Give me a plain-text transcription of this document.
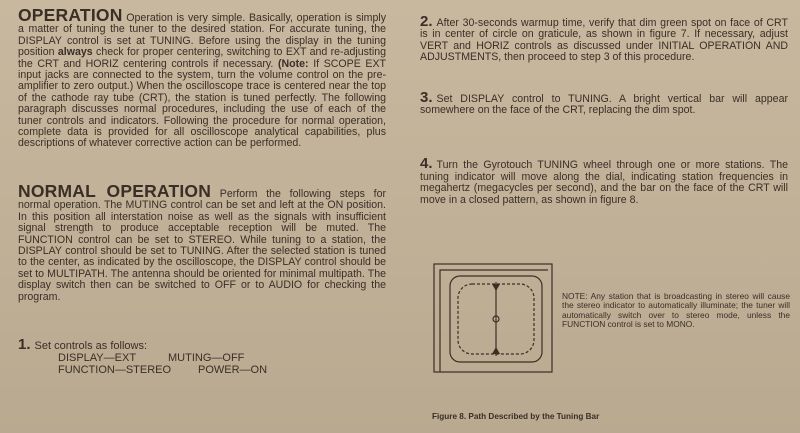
OPERATION Operation is very simple. Basically, operation is simply a matter of tuning the tuner to the desired station. For accurate tuning, the DISPLAY control is set at TUNING. Before using the display in the tuning position always check for proper centering, switching to EXT and re-adjusting the CRT and HORIZ centering controls if necessary. (Note: If SCOPE EXT input jacks are connected to the system, turn the volume control on the pre-amplifier to zero output.) When the oscilloscope trace is centered near the top of the cathode ray tube (CRT), the station is tuned perfectly. The following paragraph discusses normal procedures, including the use of each of the tuner controls and indicators. Following the procedure for normal operation, complete data is provided for all oscilloscope analytical capabilities, plus descriptions of whatever corrective action can be performed.

NORMAL OPERATION Perform the following steps for normal operation. The MUTING control can be set and left at the ON position. In this position all interstation noise as well as the signals with insufficient signal strength to produce acceptable reception will be muted. The FUNCTION control can be set to STEREO. While tuning to a station, the DISPLAY control should be set to TUNING. After the selected station is tuned to the center, as indicated by the oscilloscope, the DISPLAY control should be set to MULTIPATH. The antenna should be oriented for minimal multipath. The display switch then can be switched to OFF or to AUDIO for checking the program.

1. Set controls as follows:

DISPLAY—EXT	MUTING—OFF
FUNCTION—STEREO POWER—ON

2. After 30-seconds warmup time, verify that dim green spot on face of CRT is in center of circle on graticule, as shown in figure 7. If necessary, adjust VERT and HORIZ controls as discussed under INITIAL OPERATION AND ADJUSTMENTS, then proceed to step 3 of this procedure.

3. Set DISPLAY control to TUNING. A bright vertical bar will appear somewhere on the face of the CRT, replacing the dim spot.

4. Turn the Gyrotouch TUNING wheel through one or more stations. The tuning indicator will move along the dial, indicating station frequencies in megahertz (megacycles per second), and the bar on the face of the CRT will move in a closed pattern, as shown in figure 8.

NOTE: Any station that is broadcasting in stereo will cause the stereo indicator to automatically illuminate; the tuner will automatically switch over to stereo mode, unless the FUNCTION control is set to MONO.

Figure 8. Path Described by the Tuning Bar
